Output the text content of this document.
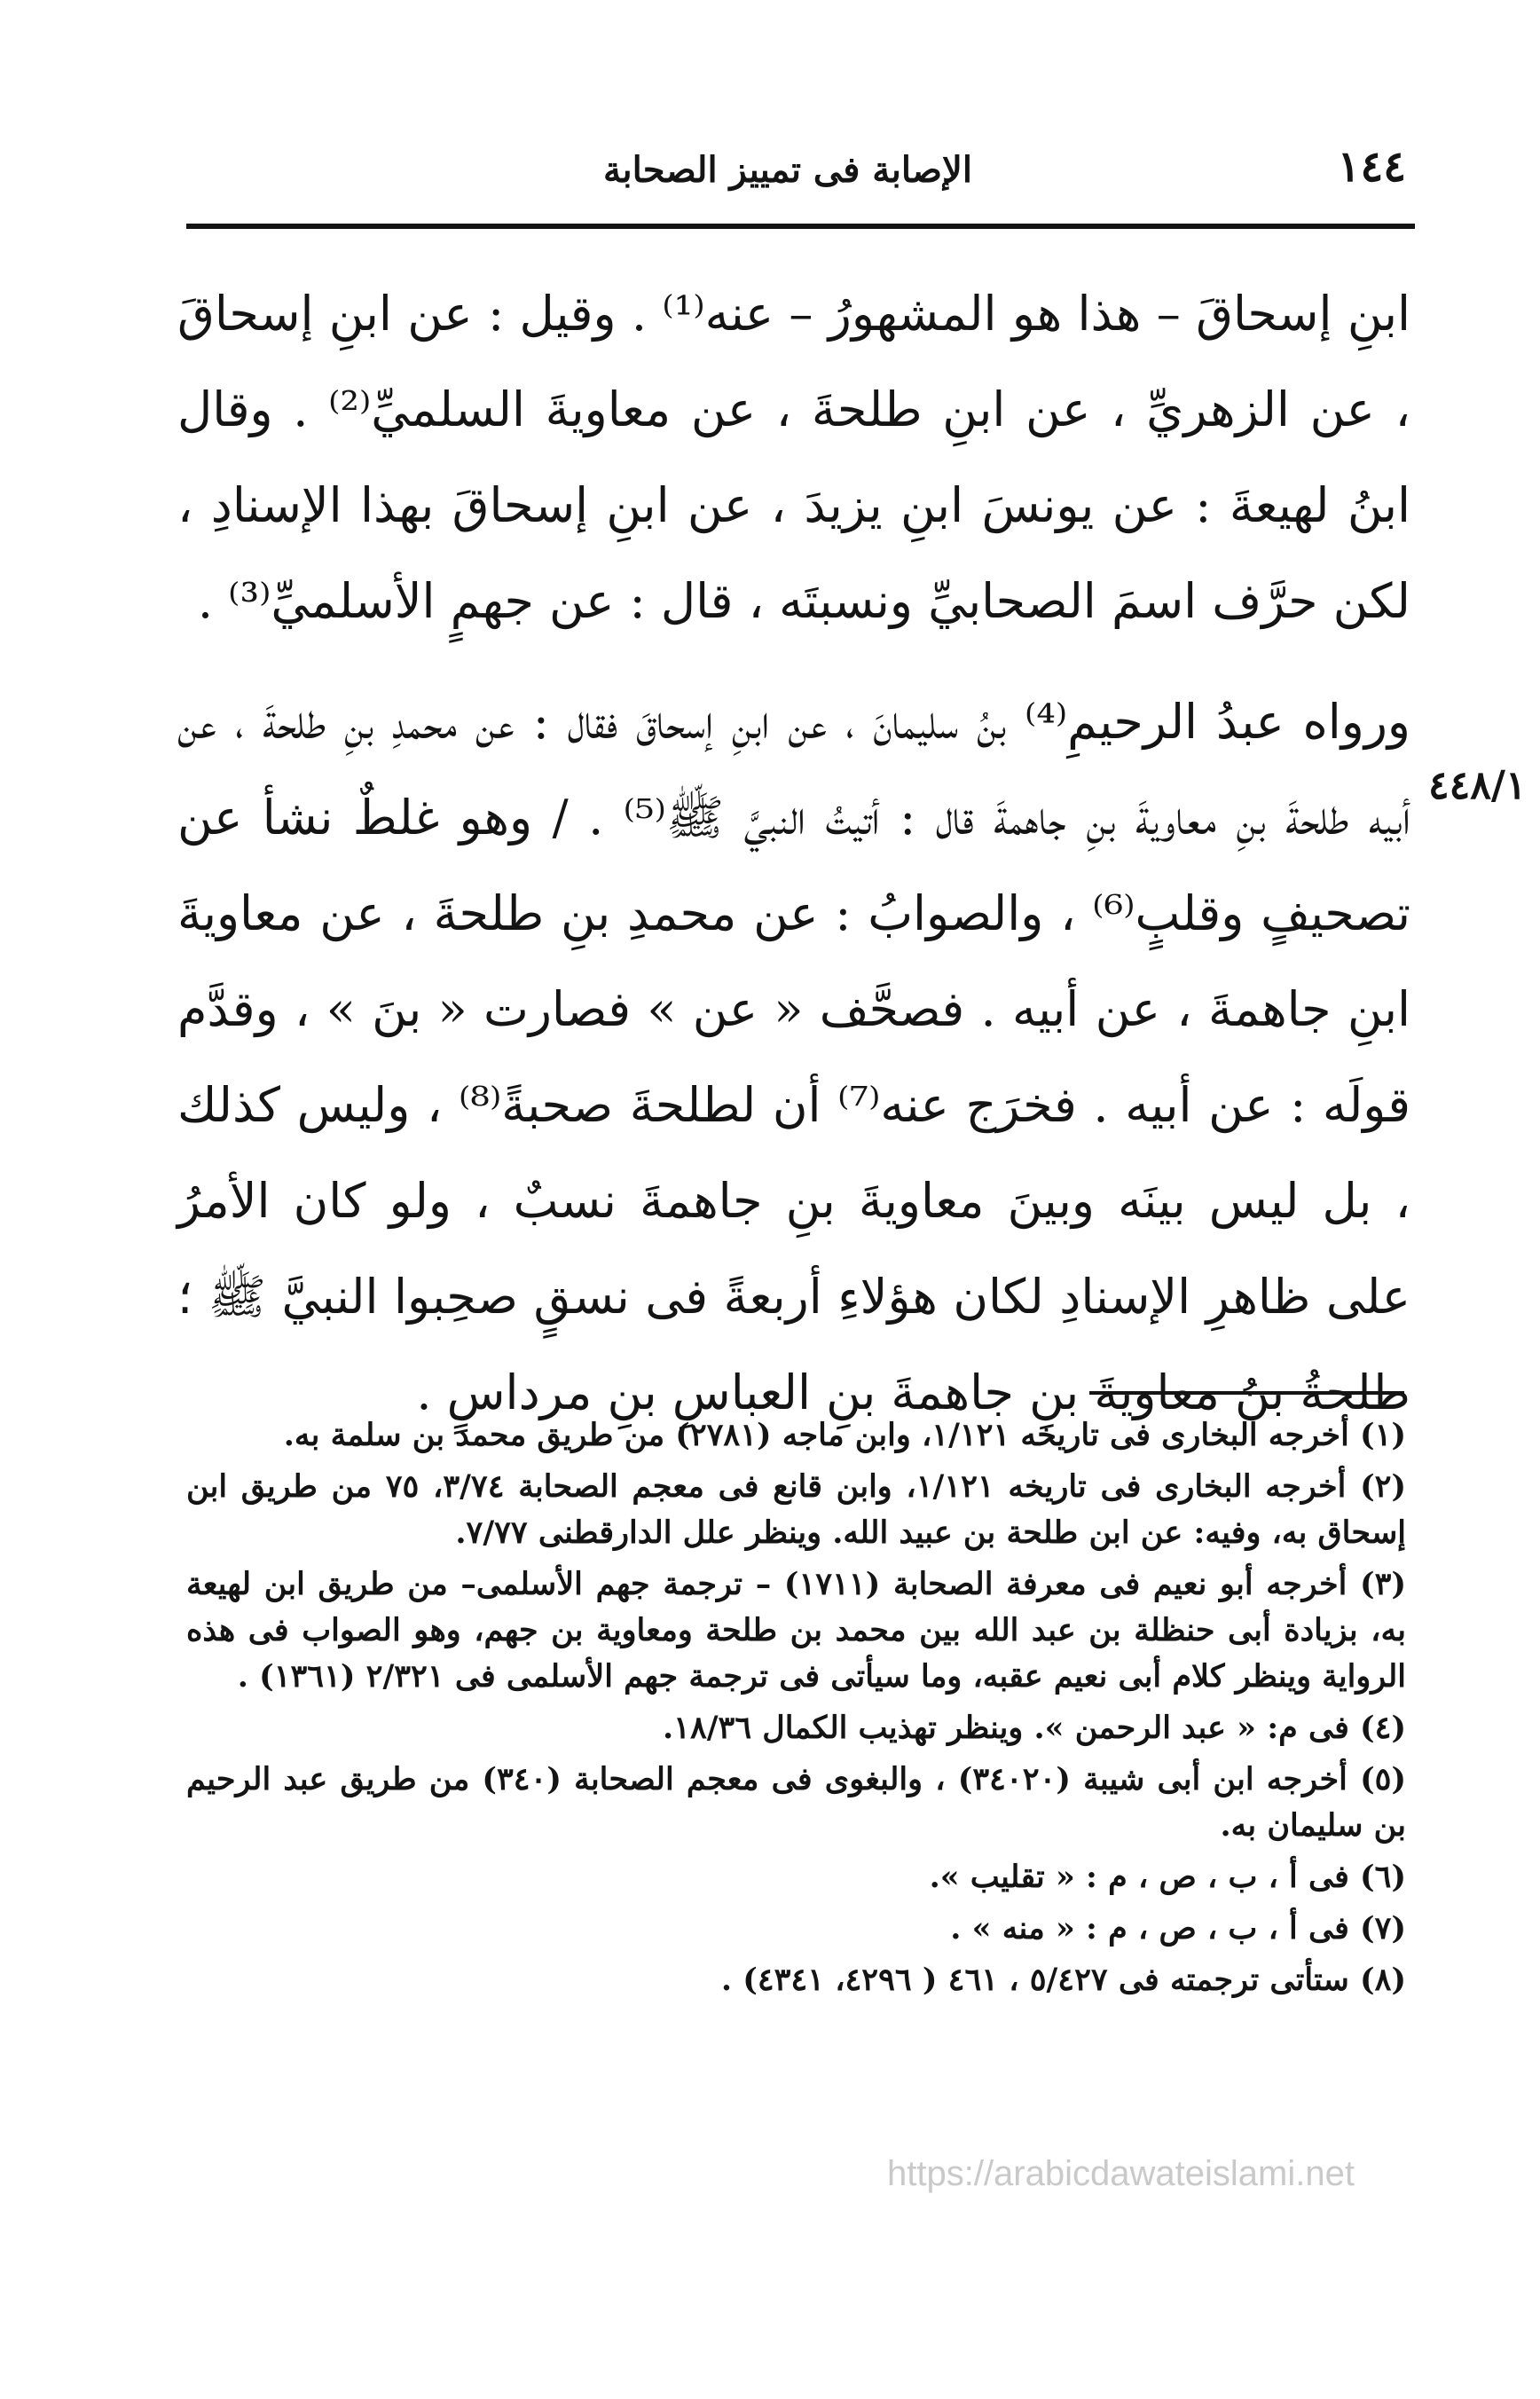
الإصابة فى تمييز الصحابة	١٤٤

ابنِ إسحاقَ – هذا هو المشهورُ – عنه⁽¹⁾ . وقيل : عن ابنِ إسحاقَ ، عن الزهريِّ ، عن ابنِ طلحةَ ، عن معاويةَ السلميِّ⁽²⁾ . وقال ابنُ لهيعةَ : عن يونسَ ابنِ يزيدَ ، عن ابنِ إسحاقَ بهذا الإسنادِ ، لكن حرَّف اسمَ الصحابيِّ ونسبتَه ، قال : عن جهمٍ الأسلميِّ⁽³⁾ .

ورواه عبدُ الرحيمِ⁽⁴⁾ بنُ سليمانَ ، عن ابنِ إسحاقَ فقال : عن محمدِ بنِ طلحةَ ، عن أبيه طلحةَ بنِ معاويةَ بنِ جاهمةَ قال : أتيتُ النبيَّ ﷺ⁽⁵⁾ . / وهو غلطٌ نشأ عن تصحيفٍ وقلبٍ⁽⁶⁾ ، والصوابُ : عن محمدِ بنِ طلحةَ ، عن معاويةَ ابنِ جاهمةَ ، عن أبيه . فصحَّف « عن » فصارت « بنَ » ، وقدَّم قولَه : عن أبيه . فخرَج عنه⁽⁷⁾ أن لطلحةَ صحبةً⁽⁸⁾ ، وليس كذلك ، بل ليس بينَه وبينَ معاويةَ بنِ جاهمةَ نسبٌ ، ولو كان الأمرُ على ظاهرِ الإسنادِ لكان هؤلاءِ أربعةً فى نسقٍ صحِبوا النبيَّ ﷺ ؛ طلحةُ بنُ معاويةَ بنِ جاهمةَ بنِ العباسِ بنِ مرداسٍ .

٤٤٨/١

(١) أخرجه البخارى فى تاريخه ١/١٢١، وابن ماجه (٢٧٨١) من طريق محمد بن سلمة به.

(٢) أخرجه البخارى فى تاريخه ١/١٢١، وابن قانع فى معجم الصحابة ٣/٧٤، ٧٥ من طريق ابن إسحاق به، وفيه: عن ابن طلحة بن عبيد الله. وينظر علل الدارقطنى ٧/٧٧.

(٣) أخرجه أبو نعيم فى معرفة الصحابة (١٧١١) – ترجمة جهم الأسلمى– من طريق ابن لهيعة به، بزيادة أبى حنظلة بن عبد الله بين محمد بن طلحة ومعاوية بن جهم، وهو الصواب فى هذه الرواية وينظر كلام أبى نعيم عقبه، وما سيأتى فى ترجمة جهم الأسلمى فى ٢/٣٢١ (١٣٦١) .

(٤) فى م: « عبد الرحمن ». وينظر تهذيب الكمال ١٨/٣٦.

(٥) أخرجه ابن أبى شيبة (٣٤٠٢٠) ، والبغوى فى معجم الصحابة (٣٤٠) من طريق عبد الرحيم بن سليمان به.

(٦) فى أ ، ب ، ص ، م : « تقليب ».

(٧) فى أ ، ب ، ص ، م : « منه » .

(٨) ستأتى ترجمته فى ٥/٤٢٧ ، ٤٦١ ( ٤٢٩٦، ٤٣٤١) .

https://arabicdawateislami.net
